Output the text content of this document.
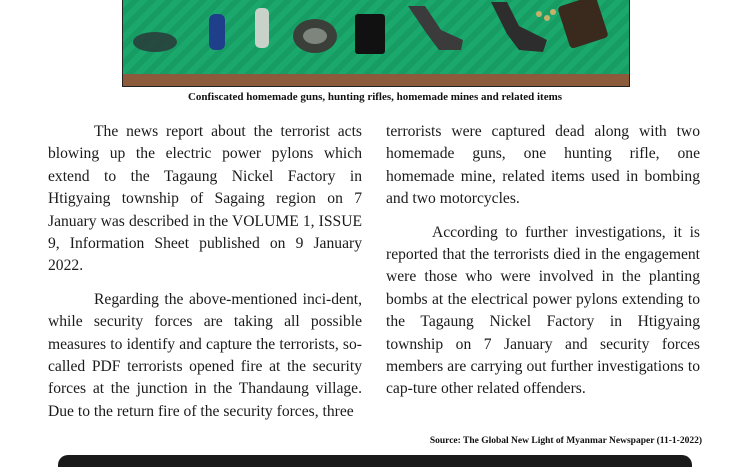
Confiscated homemade guns, hunting rifles, homemade mines and related items

The news report about the terrorist acts blowing up the electric power pylons which extend to the Tagaung Nickel Factory in Htigyaing township of Sagaing region on 7 January was described in the VOLUME 1, ISSUE 9, Information Sheet published on 9 January 2022.

Regarding the above-mentioned inci-dent, while security forces are taking all possible measures to identify and capture the terrorists, so-called PDF terrorists opened fire at the security forces at the junction in the Thandaung village. Due to the return fire of the security forces, three

terrorists were captured dead along with two homemade guns, one hunting rifle, one homemade mine, related items used in bombing and two motorcycles.

According to further investigations, it is reported that the terrorists died in the engagement were those who were involved in the planting bombs at the electrical power pylons extending to the Tagaung Nickel Factory in Htigyaing township on 7 January and security forces members are carrying out further investigations to cap-ture other related offenders.

Source: The Global New Light of Myanmar Newspaper (11-1-2022)
